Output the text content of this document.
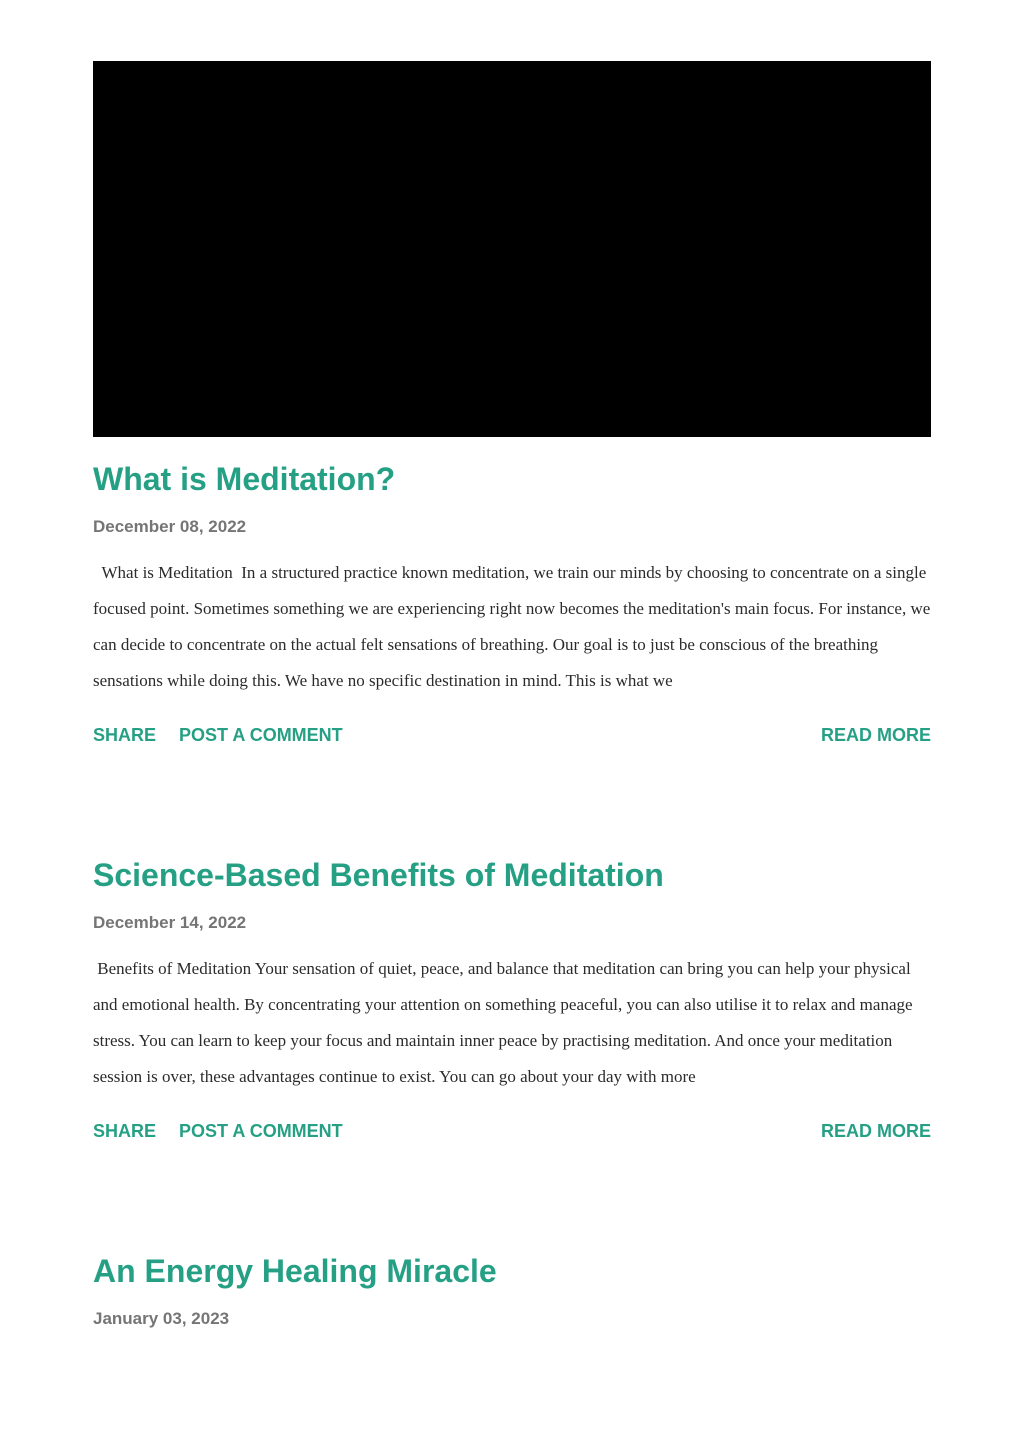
What is Meditation?
December 08, 2022
What is Meditation  In a structured practice known meditation, we train our minds by choosing to concentrate on a single focused point. Sometimes something we are experiencing right now becomes the meditation's main focus. For instance, we can decide to concentrate on the actual felt sensations of breathing. Our goal is to just be conscious of the breathing sensations while doing this. We have no specific destination in mind. This is what we
SHARE POST A COMMENT	READ MORE
Science-Based Benefits of Meditation
December 14, 2022
Benefits of Meditation Your sensation of quiet, peace, and balance that meditation can bring you can help your physical and emotional health. By concentrating your attention on something peaceful, you can also utilise it to relax and manage stress. You can learn to keep your focus and maintain inner peace by practising meditation. And once your meditation session is over, these advantages continue to exist. You can go about your day with more
SHARE POST A COMMENT	READ MORE
An Energy Healing Miracle
January 03, 2023
